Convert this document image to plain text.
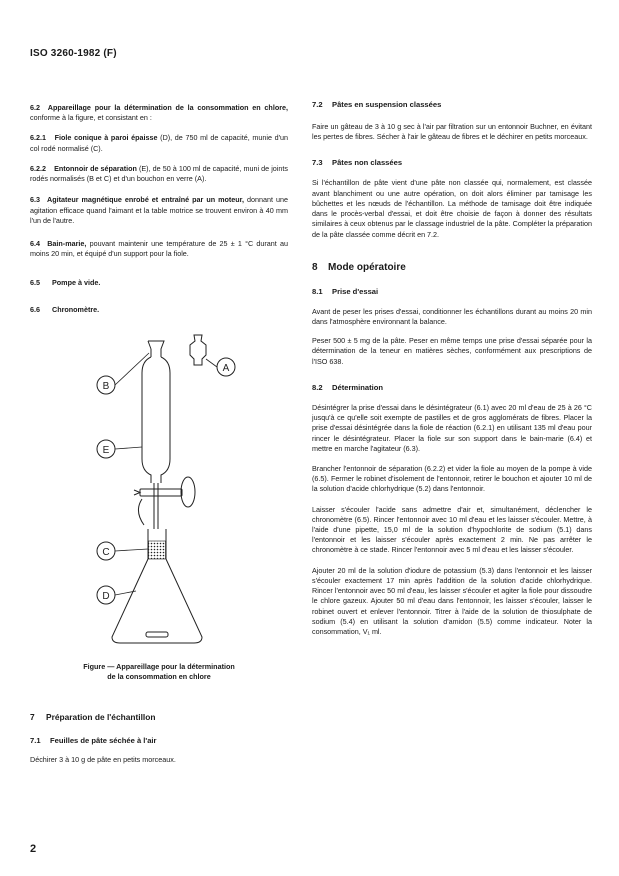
ISO 3260-1982 (F)

6.2 Appareillage pour la détermination de la consommation en chlore, conforme à la figure, et consistant en :

6.2.1 Fiole conique à paroi épaisse (D), de 750 ml de capacité, munie d'un col rodé normalisé (C).

6.2.2 Entonnoir de séparation (E), de 50 à 100 ml de capacité, muni de joints rodés normalisés (B et C) et d'un bouchon en verre (A).

6.3 Agitateur magnétique enrobé et entraîné par un moteur, donnant une agitation efficace quand l'aimant et la table motrice se trouvent environ à 40 mm l'un de l'autre.

6.4 Bain-marie, pouvant maintenir une température de 25 ± 1 °C durant au moins 20 min, et équipé d'un support pour la fiole.

6.5 Pompe à vide.

6.6 Chronomètre.

B
E
C
D
A
Figure — Appareillage pour la détermination
de la consommation en chlore

7 Préparation de l'échantillon

7.1 Feuilles de pâte séchée à l'air

Déchirer 3 à 10 g de pâte en petits morceaux.

7.2 Pâtes en suspension classées

Faire un gâteau de 3 à 10 g sec à l'air par filtration sur un entonnoir Buchner, en évitant les pertes de fibres. Sécher à l'air le gâteau de fibres et le déchirer en petits morceaux.

7.3 Pâtes non classées

Si l'échantillon de pâte vient d'une pâte non classée qui, normalement, est classée avant blanchiment ou une autre opération, on doit alors éliminer par tamisage les bûchettes et les nœuds de l'échantillon. La méthode de tamisage doit être indiquée dans le procès-verbal d'essai, et doit être choisie de façon à donner des résultats similaires à ceux obtenus par le classage industriel de la pâte. Compléter la préparation de la pâte classée comme décrit en 7.2.

8 Mode opératoire

8.1 Prise d'essai

Avant de peser les prises d'essai, conditionner les échantillons durant au moins 20 min dans l'atmosphère environnant la balance.

Peser 500 ± 5 mg de la pâte. Peser en même temps une prise d'essai séparée pour la détermination de la teneur en matières sèches, conformément aux prescriptions de l'ISO 638.

8.2 Détermination

Désintégrer la prise d'essai dans le désintégrateur (6.1) avec 20 ml d'eau de 25 à 26 °C jusqu'à ce qu'elle soit exempte de pastilles et de gros agglomérats de fibres. Placer la prise d'essai désintégrée dans la fiole de réaction (6.2.1) en utilisant 135 ml d'eau pour rincer le désintégrateur. Placer la fiole sur son support dans le bain-marie (6.4) et mettre en marche l'agitateur (6.3).

Brancher l'entonnoir de séparation (6.2.2) et vider la fiole au moyen de la pompe à vide (6.5). Fermer le robinet d'isolement de l'entonnoir, retirer le bouchon et ajouter 10 ml de la solution d'acide chlorhydrique (5.2) dans l'entonnoir.

Laisser s'écouler l'acide sans admettre d'air et, simultanément, déclencher le chronomètre (6.5). Rincer l'entonnoir avec 10 ml d'eau et les laisser s'écouler. Mettre, à l'aide d'une pipette, 15,0 ml de la solution d'hypochlorite de sodium (5.1) dans l'entonnoir et les laisser s'écouler après exactement 2 min. Ne pas arrêter le chronomètre à ce stade. Rincer l'entonnoir avec 5 ml d'eau et les laisser s'écouler.

Ajouter 20 ml de la solution d'iodure de potassium (5.3) dans l'entonnoir et les laisser s'écouler exactement 17 min après l'addition de la solution d'acide chlorhydrique. Rincer l'entonnoir avec 50 ml d'eau, les laisser s'écouler et agiter la fiole pour dissoudre le chlore gazeux. Ajouter 50 ml d'eau dans l'entonnoir, les laisser s'écouler, laisser le robinet ouvert et enlever l'entonnoir. Titrer à l'aide de la solution de thiosulphate de sodium (5.4) en utilisant la solution d'amidon (5.5) comme indicateur. Noter la consommation, V₁ ml.

2
